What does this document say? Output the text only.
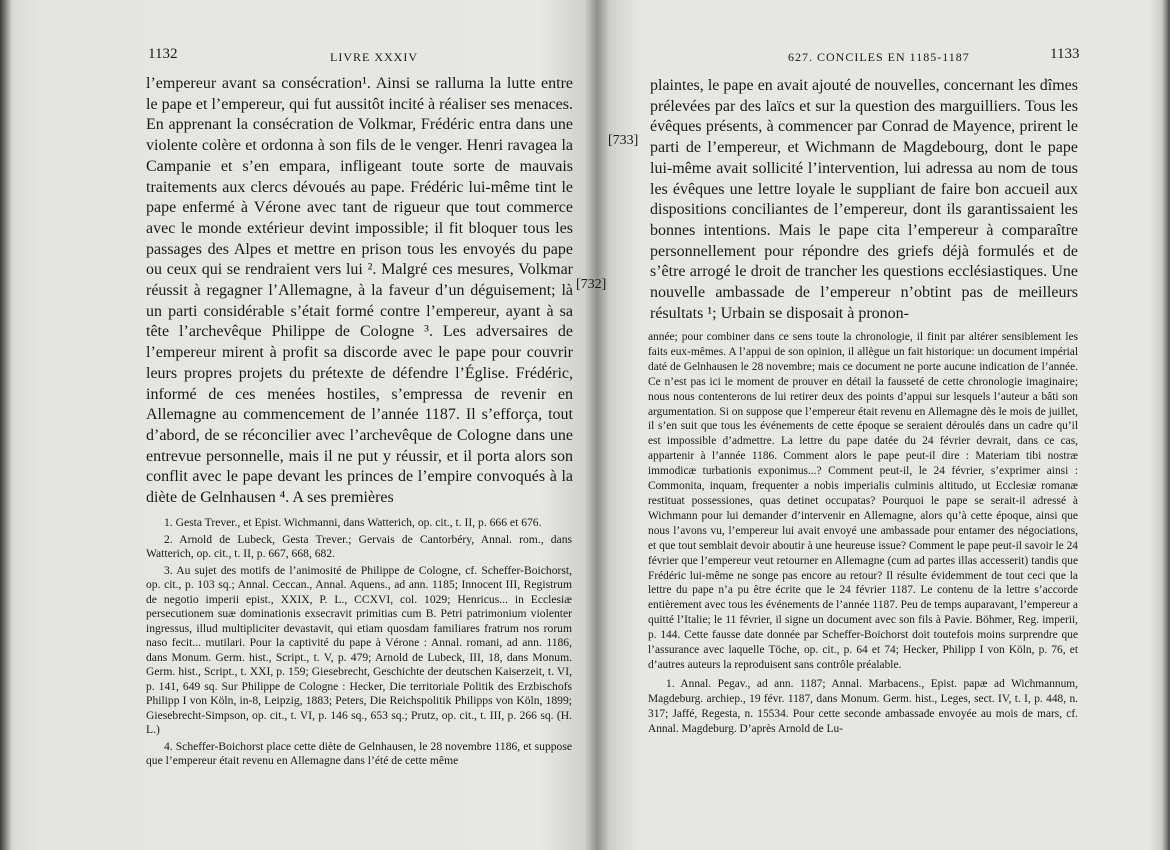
1132	LIVRE XXXIV

l’empereur avant sa consécration¹. Ainsi se ralluma la lutte entre le pape et l’empereur, qui fut aussitôt incité à réaliser ses menaces. En apprenant la consécration de Volkmar, Frédéric entra dans une violente colère et ordonna à son fils de le venger. Henri ravagea la Campanie et s’en empara, infligeant toute sorte de mauvais traitements aux clercs dévoués au pape. Frédéric lui-même tint le pape enfermé à Vérone avec tant de rigueur que tout commerce avec le monde extérieur devint impossible; il fit bloquer tous les passages des Alpes et mettre en prison tous les envoyés du pape ou ceux qui se rendraient vers lui ². Malgré ces mesures, Volkmar réussit à regagner l’Allemagne, à la faveur d’un déguisement; là un parti considérable s’était formé contre l’empereur, ayant à sa tête l’archevêque Philippe de Cologne ³. Les adversaires de l’empereur mirent à profit sa discorde avec le pape pour couvrir leurs propres projets du prétexte de défendre l’Église. Frédéric, informé de ces menées hostiles, s’empressa de revenir en Allemagne au commencement de l’année 1187. Il s’efforça, tout d’abord, de se réconcilier avec l’archevêque de Cologne dans une entrevue personnelle, mais il ne put y réussir, et il porta alors son conflit avec le pape devant les princes de l’empire convoqués à la diète de Gelnhausen ⁴. A ses premières

[732]

1. Gesta Trever., et Epist. Wichmanni, dans Watterich, op. cit., t. II, p. 666 et 676.

2. Arnold de Lubeck, Gesta Trever.; Gervais de Cantorbéry, Annal. rom., dans Watterich, op. cit., t. II, p. 667, 668, 682.

3. Au sujet des motifs de l’animosité de Philippe de Cologne, cf. Scheffer-Boichorst, op. cit., p. 103 sq.; Annal. Ceccan., Annal. Aquens., ad ann. 1185; Innocent III, Registrum de negotio imperii epist., XXIX, P. L., CCXVI, col. 1029; Henricus... in Ecclesiæ persecutionem suæ dominationis exsecravit primitias cum B. Petri patrimonium violenter ingressus, illud multipliciter devastavit, qui etiam quosdam familiares fratrum nos rorum naso fecit... mutilari. Pour la captivité du pape à Vérone : Annal. romani, ad ann. 1186, dans Monum. Germ. hist., Script., t. V, p. 479; Arnold de Lubeck, III, 18, dans Monum. Germ. hist., Script., t. XXI, p. 159; Giesebrecht, Geschichte der deutschen Kaiserzeit, t. VI, p. 141, 649 sq. Sur Philippe de Cologne : Hecker, Die territoriale Politik des Erzbischofs Philipp I von Köln, in-8, Leipzig, 1883; Peters, Die Reichspolitik Philipps von Köln, 1899; Giesebrecht-Simpson, op. cit., t. VI, p. 146 sq., 653 sq.; Prutz, op. cit., t. III, p. 266 sq. (H. L.)

4. Scheffer-Boichorst place cette diète de Gelnhausen, le 28 novembre 1186, et suppose que l’empereur était revenu en Allemagne dans l’été de cette même

627. CONCILES EN 1185-1187	1133
[733]

plaintes, le pape en avait ajouté de nouvelles, concernant les dîmes prélevées par des laïcs et sur la question des marguilliers. Tous les évêques présents, à commencer par Conrad de Mayence, prirent le parti de l’empereur, et Wichmann de Magdebourg, dont le pape lui-même avait sollicité l’intervention, lui adressa au nom de tous les évêques une lettre loyale le suppliant de faire bon accueil aux dispositions conciliantes de l’empereur, dont ils garantissaient les bonnes intentions. Mais le pape cita l’empereur à comparaître personnellement pour répondre des griefs déjà formulés et de s’être arrogé le droit de trancher les questions ecclésiastiques. Une nouvelle ambassade de l’empereur n’obtint pas de meilleurs résultats ¹; Urbain se disposait à pronon-

année; pour combiner dans ce sens toute la chronologie, il finit par altérer sensiblement les faits eux-mêmes. A l’appui de son opinion, il allègue un fait historique: un document impérial daté de Gelnhausen le 28 novembre; mais ce document ne porte aucune indication de l’année. Ce n’est pas ici le moment de prouver en détail la fausseté de cette chronologie imaginaire; nous nous contenterons de lui retirer deux des points d’appui sur lesquels l’auteur a bâti son argumentation. Si on suppose que l’empereur était revenu en Allemagne dès le mois de juillet, il s’en suit que tous les événements de cette époque se seraient déroulés dans un cadre qu’il est impossible d’admettre. La lettre du pape datée du 24 février devrait, dans ce cas, appartenir à l’année 1186. Comment alors le pape peut-il dire : Materiam tibi nostræ immodicæ turbationis exponimus...? Comment peut-il, le 24 février, s’exprimer ainsi : Commonita, inquam, frequenter a nobis imperialis culminis altitudo, ut Ecclesiæ romanæ restituat possessiones, quas detinet occupatas? Pourquoi le pape se serait-il adressé à Wichmann pour lui demander d’intervenir en Allemagne, alors qu’à cette époque, ainsi que nous l’avons vu, l’empereur lui avait envoyé une ambassade pour entamer des négociations, et que tout semblait devoir aboutir à une heureuse issue? Comment le pape peut-il savoir le 24 février que l’empereur veut retourner en Allemagne (cum ad partes illas accesserit) tandis que Frédéric lui-même ne songe pas encore au retour? Il résulte évidemment de tout ceci que la lettre du pape n’a pu être écrite que le 24 février 1187. Le contenu de la lettre s’accorde entièrement avec tous les événements de l’année 1187. Peu de temps auparavant, l’empereur a quitté l’Italie; le 11 février, il signe un document avec son fils à Pavie. Böhmer, Reg. imperii, p. 144. Cette fausse date donnée par Scheffer-Boichorst doit toutefois moins surprendre que l’assurance avec laquelle Töche, op. cit., p. 64 et 74; Hecker, Philipp I von Köln, p. 76, et d’autres auteurs la reproduisent sans contrôle préalable.

1. Annal. Pegav., ad ann. 1187; Annal. Marbacens., Epist. papæ ad Wichmannum, Magdeburg. archiep., 19 févr. 1187, dans Monum. Germ. hist., Leges, sect. IV, t. I, p. 448, n. 317; Jaffé, Regesta, n. 15534. Pour cette seconde ambassade envoyée au mois de mars, cf. Annal. Magdeburg. D’après Arnold de Lu-
